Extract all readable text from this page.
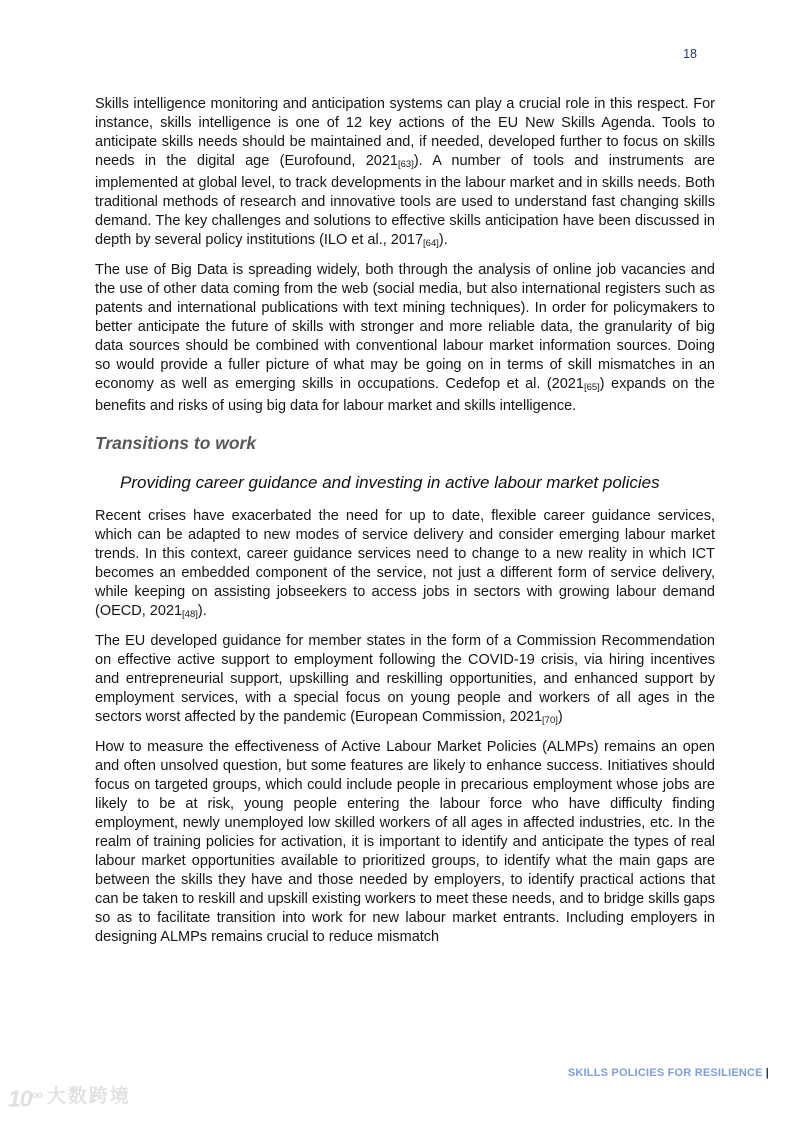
18

Skills intelligence monitoring and anticipation systems can play a crucial role in this respect. For instance, skills intelligence is one of 12 key actions of the EU New Skills Agenda. Tools to anticipate skills needs should be maintained and, if needed, developed further to focus on skills needs in the digital age (Eurofound, 2021[63]). A number of tools and instruments are implemented at global level, to track developments in the labour market and in skills needs. Both traditional methods of research and innovative tools are used to understand fast changing skills demand. The key challenges and solutions to effective skills anticipation have been discussed in depth by several policy institutions (ILO et al., 2017[64]).

The use of Big Data is spreading widely, both through the analysis of online job vacancies and the use of other data coming from the web (social media, but also international registers such as patents and international publications with text mining techniques). In order for policymakers to better anticipate the future of skills with stronger and more reliable data, the granularity of big data sources should be combined with conventional labour market information sources. Doing so would provide a fuller picture of what may be going on in terms of skill mismatches in an economy as well as emerging skills in occupations. Cedefop et al. (2021[65]) expands on the benefits and risks of using big data for labour market and skills intelligence.

Transitions to work
Providing career guidance and investing in active labour market policies

Recent crises have exacerbated the need for up to date, flexible career guidance services, which can be adapted to new modes of service delivery and consider emerging labour market trends. In this context, career guidance services need to change to a new reality in which ICT becomes an embedded component of the service, not just a different form of service delivery, while keeping on assisting jobseekers to access jobs in sectors with growing labour demand (OECD, 2021[48]).

The EU developed guidance for member states in the form of a Commission Recommendation on effective active support to employment following the COVID-19 crisis, via hiring incentives and entrepreneurial support, upskilling and reskilling opportunities, and enhanced support by employment services, with a special focus on young people and workers of all ages in the sectors worst affected by the pandemic (European Commission, 2021[70])

How to measure the effectiveness of Active Labour Market Policies (ALMPs) remains an open and often unsolved question, but some features are likely to enhance success. Initiatives should focus on targeted groups, which could include people in precarious employment whose jobs are likely to be at risk, young people entering the labour force who have difficulty finding employment, newly unemployed low skilled workers of all ages in affected industries, etc. In the realm of training policies for activation, it is important to identify and anticipate the types of real labour market opportunities available to prioritized groups, to identify what the main gaps are between the skills they have and those needed by employers, to identify practical actions that can be taken to reskill and upskill existing workers to meet these needs, and to bridge skills gaps so as to facilitate transition into work for new labour market entrants. Including employers in designing ALMPs remains crucial to reduce mismatch

SKILLS POLICIES FOR RESILIENCE |
$10^{oo}$ 大数跨境
